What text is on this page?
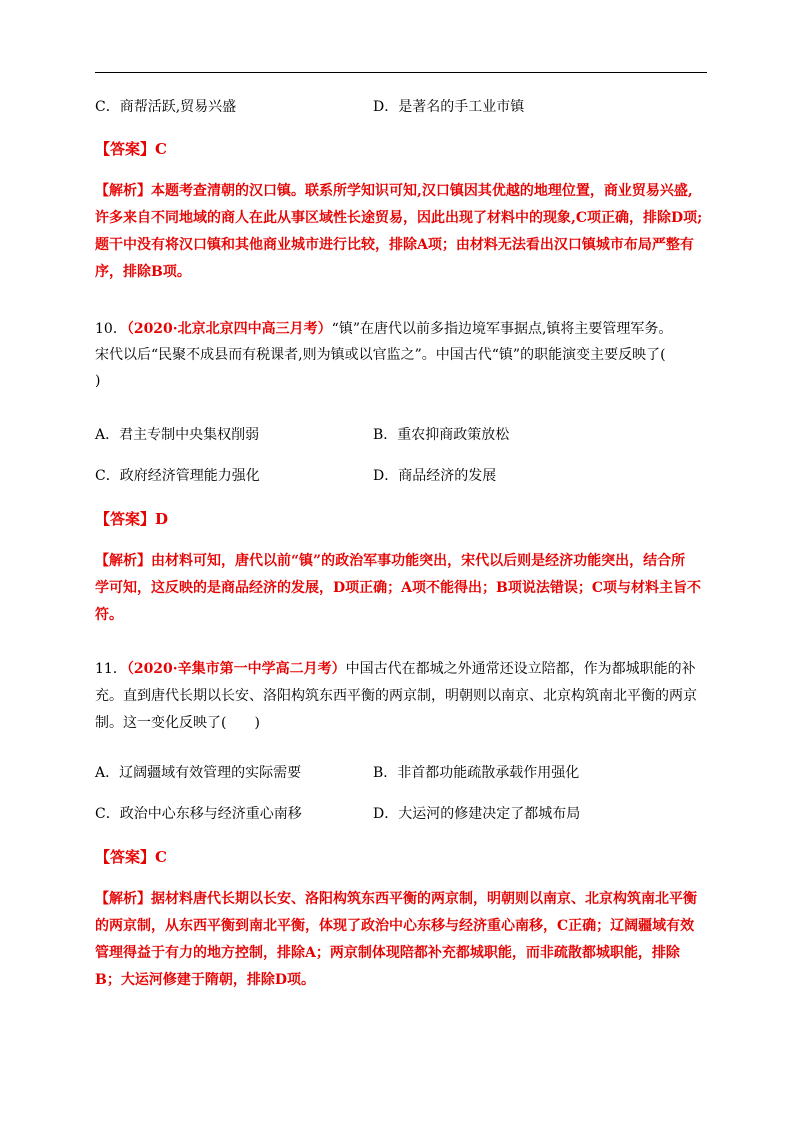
C．商帮活跃,贸易兴盛	D．是著名的手工业市镇
【答案】C
【解析】本题考查清朝的汉口镇。联系所学知识可知,汉口镇因其优越的地理位置，商业贸易兴盛,
许多来自不同地域的商人在此从事区域性长途贸易，因此出现了材料中的现象,C项正确，排除D项;
题干中没有将汉口镇和其他商业城市进行比较，排除A项；由材料无法看出汉口镇城市布局严整有
序，排除B项。
10．（2020·北京北京四中高三月考）“镇”在唐代以前多指边境军事据点,镇将主要管理军务。
宋代以后“民聚不成县而有税课者,则为镇或以官监之”。中国古代“镇”的职能演变主要反映了(
)
A．君主专制中央集权削弱	B．重农抑商政策放松
C．政府经济管理能力强化	D．商品经济的发展
【答案】D
【解析】由材料可知，唐代以前“镇”的政治军事功能突出，宋代以后则是经济功能突出，结合所
学可知，这反映的是商品经济的发展，D项正确；A项不能得出；B项说法错误；C项与材料主旨不
符。
11．（2020·辛集市第一中学高二月考）中国古代在都城之外通常还设立陪都，作为都城职能的补
充。直到唐代长期以长安、洛阳构筑东西平衡的两京制，明朝则以南京、北京构筑南北平衡的两京
制。这一变化反映了(　　)
A．辽阔疆域有效管理的实际需要	B．非首都功能疏散承载作用强化
C．政治中心东移与经济重心南移	D．大运河的修建决定了都城布局
【答案】C
【解析】据材料唐代长期以长安、洛阳构筑东西平衡的两京制，明朝则以南京、北京构筑南北平衡
的两京制，从东西平衡到南北平衡，体现了政治中心东移与经济重心南移，C正确；辽阔疆域有效
管理得益于有力的地方控制，排除A；两京制体现陪都补充都城职能，而非疏散都城职能，排除
B；大运河修建于隋朝，排除D项。
